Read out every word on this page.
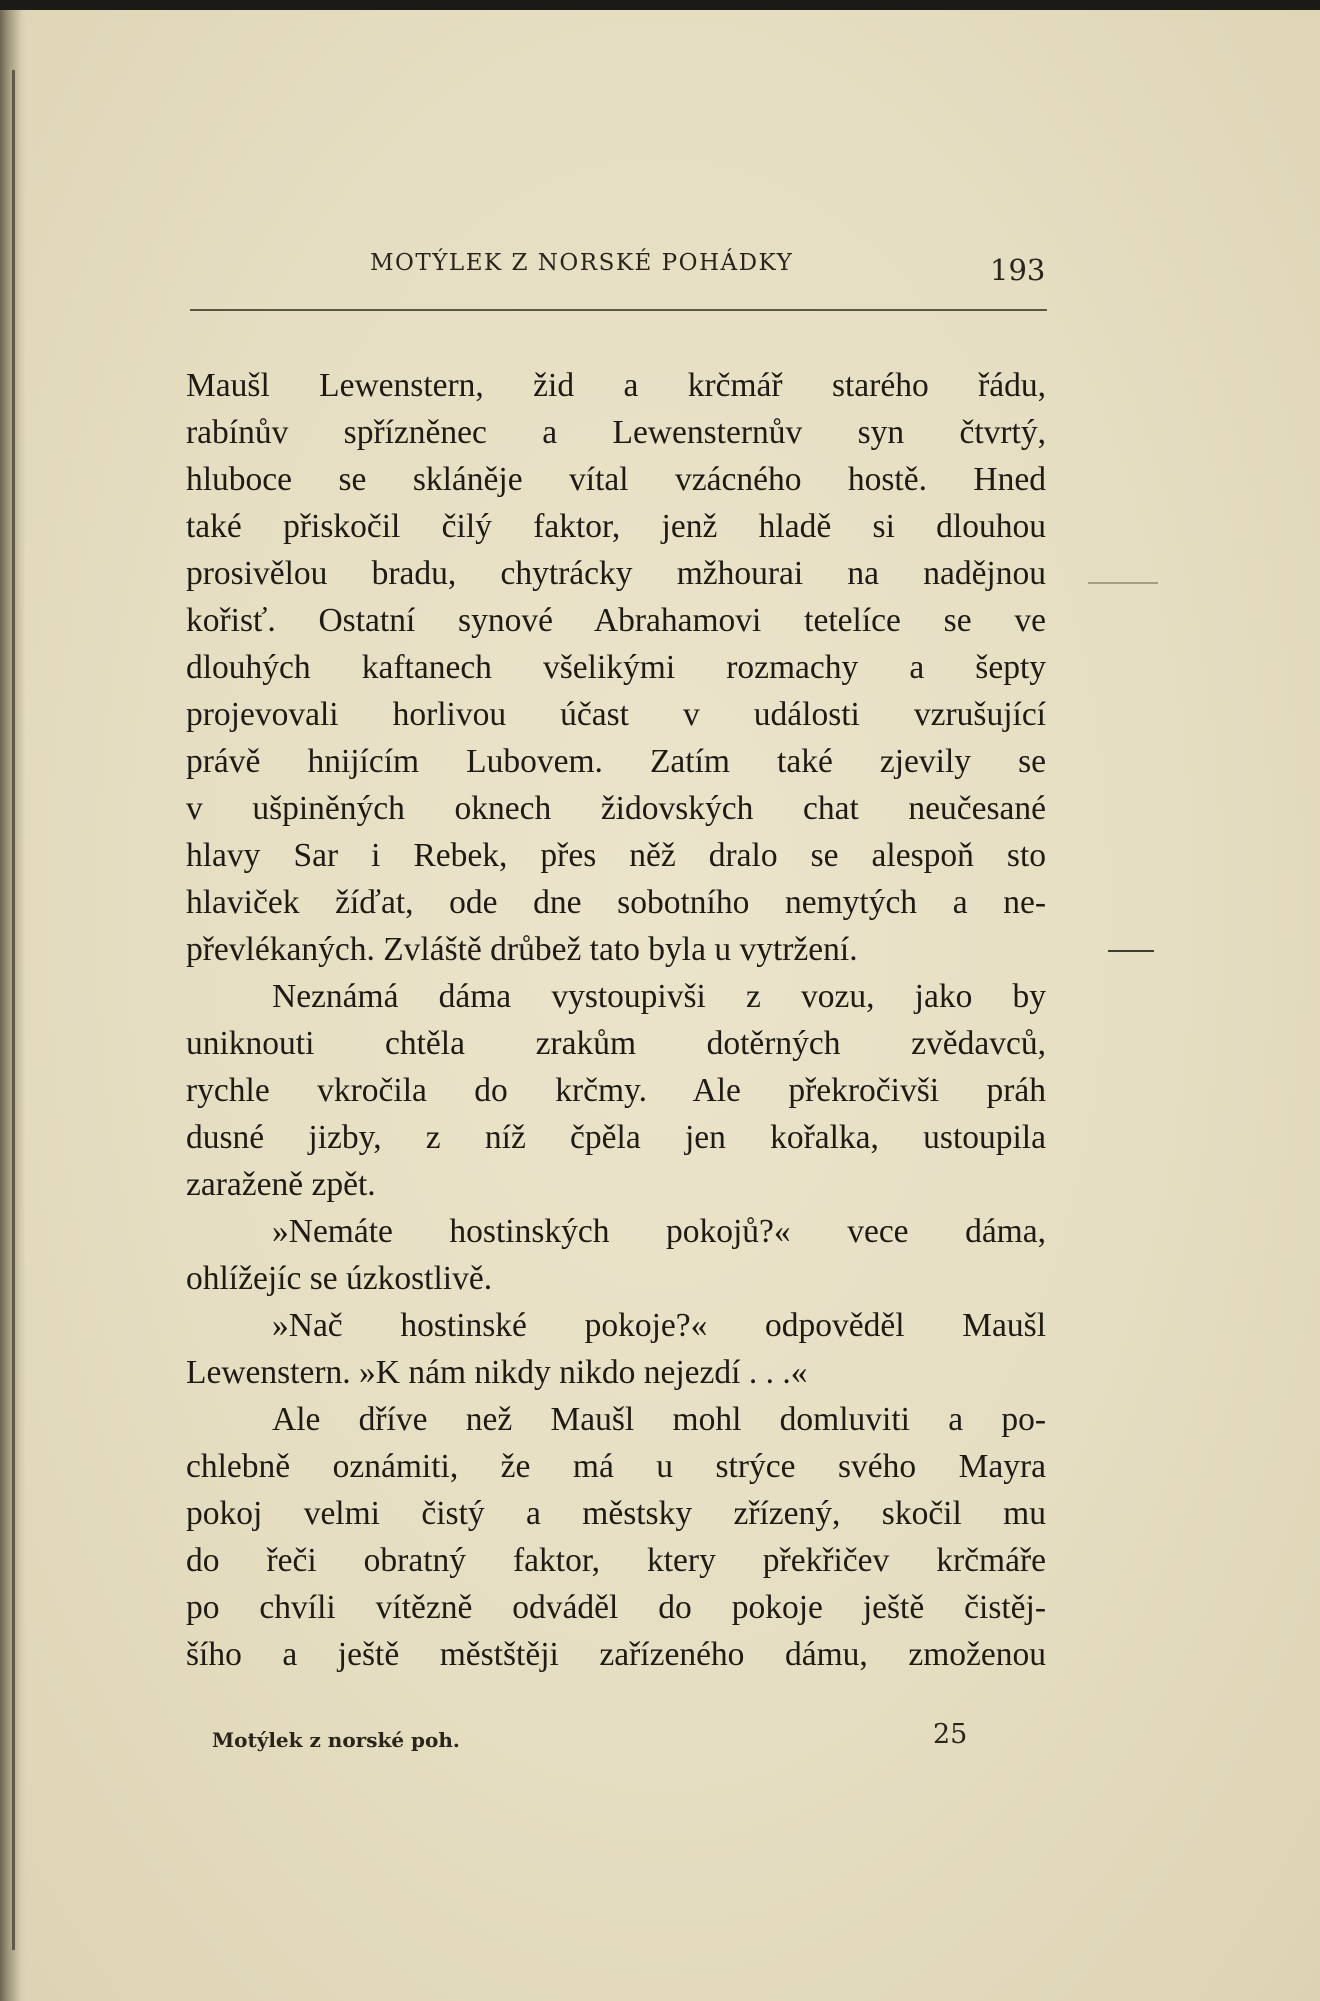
MOTÝLEK Z NORSKÉ POHÁDKY	193
Maušl Lewenstern, žid a krčmář starého řádu,
rabínův spřízněnec a Lewensternův syn čtvrtý,
hluboce se skláněje vítal vzácného hostě. Hned
také přiskočil čilý faktor, jenž hladě si dlouhou
prosivělou bradu, chytrácky mžhourai na nadějnou
kořisť. Ostatní synové Abrahamovi tetelíce se ve
dlouhých kaftanech všelikými rozmachy a šepty
projevovali horlivou účast v události vzrušující
právě hnijícím Lubovem. Zatím také zjevily se
v ušpiněných oknech židovských chat neučesané
hlavy Sar i Rebek, přes něž dralo se alespoň sto
hlaviček žíďat, ode dne sobotního nemytých a ne-
převlékaných. Zvláště drůbež tato byla u vytržení.
Neznámá dáma vystoupivši z vozu, jako by
uniknouti chtěla zrakům dotěrných zvědavců,
rychle vkročila do krčmy. Ale překročivši práh
dusné jizby, z níž čpěla jen kořalka, ustoupila
zaraženě zpět.
»Nemáte hostinských pokojů?« vece dáma,
ohlížejíc se úzkostlivě.
»Nač hostinské pokoje?« odpověděl Maušl
Lewenstern. »K nám nikdy nikdo nejezdí . . .«
Ale dříve než Maušl mohl domluviti a po-
chlebně oznámiti, že má u strýce svého Mayra
pokoj velmi čistý a městsky zřízený, skočil mu
do řeči obratný faktor, ktery překřičev krčmáře
po chvíli vítězně odváděl do pokoje ještě čistěj-
šího a ještě městštěji zařízeného dámu, zmoženou
Motýlek z norské poh.	25
